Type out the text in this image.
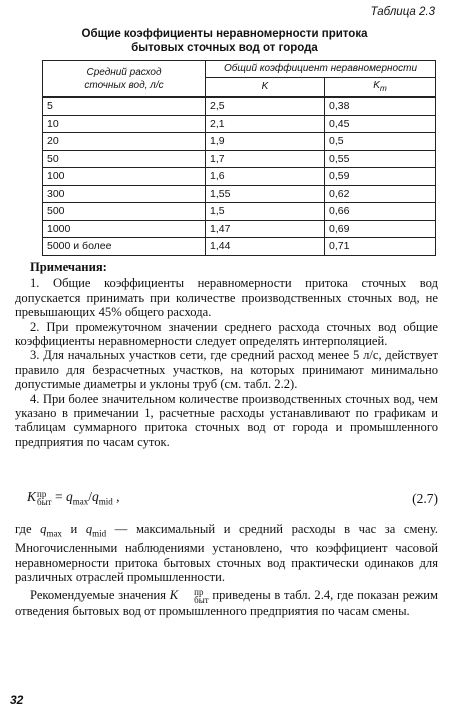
Таблица 2.3
Общие коэффициенты неравномерности притока
бытовых сточных вод от города
Средний расход
сточных вод, л/с	Общий коэффициент неравномерности	
	K	$K_т$
5	2,5	0,38
10	2,1	0,45
20	1,9	0,5
50	1,7	0,55
100	1,6	0,59
300	1,55	0,62
500	1,5	0,66
1000	1,47	0,69
5000 и более	1,44	0,71

Примечания:

1. Общие коэффициенты неравномерности притока сточных вод допускается принимать при количестве производственных сточных вод, не превышающих 45% общего расхода.

2. При промежуточном значении среднего расхода сточных вод общие коэффициенты неравномерности следует определять интерполяцией.

3. Для начальных участков сети, где средний расход менее 5 л/с, действует правило для безрасчетных участков, на которых принимают минимально допустимые диаметры и уклоны труб (см. табл. 2.2).

4. При более значительном количестве производственных сточных вод, чем указано в примечании 1, расчетные расходы устанавливают по графикам и таблицам суммарного притока сточных вод от города и промышленного предприятия по часам суток.

K пр
быт = $q_{max}/q_{mid}$ ,	(2.7)

где $q_{max}$ и $q_{mid}$ — максимальный и средний расходы в час за смену. Многочисленными наблюдениями установлено, что коэффициент часовой неравномерности притока бытовых сточных вод практически одинаков для различных отраслей промышленности.

Рекомендуемые значения K	пр
быт приведены в табл. 2.4, где показан режим отведения бытовых вод от промышленного предприятия по часам смены.

32
